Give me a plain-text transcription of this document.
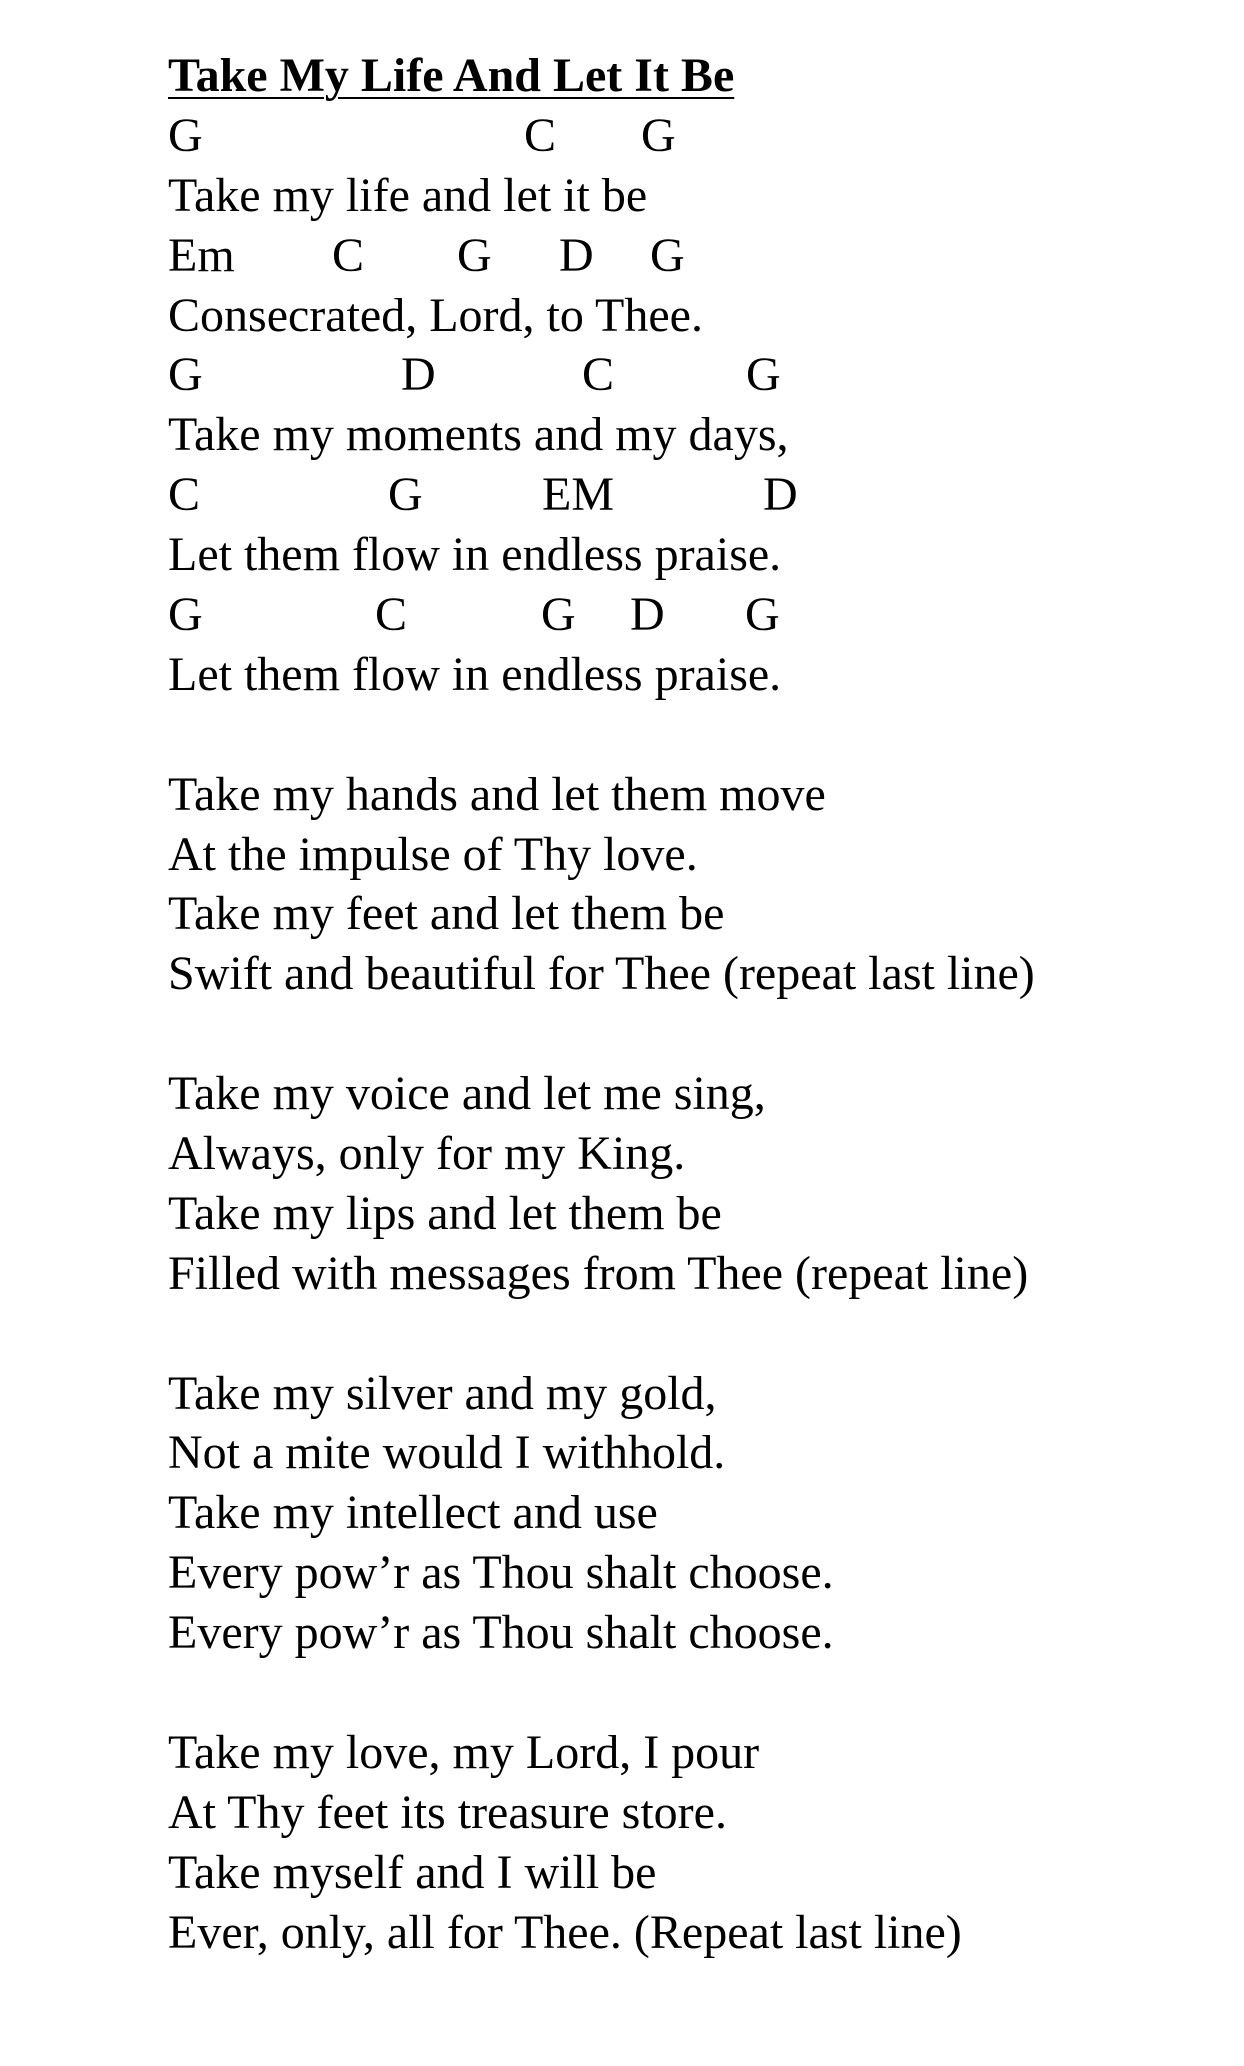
Take My Life And Let It Be
G	C G
Take my life and let it be
Em C G D G
Consecrated, Lord, to Thee.
G	D	C	G
Take my moments and my days,
C	G EM	D
Let them flow in endless praise.
G	C	G D G
Let them flow in endless praise.
Take my hands and let them move
At the impulse of Thy love.
Take my feet and let them be
Swift and beautiful for Thee (repeat last line)
Take my voice and let me sing,
Always, only for my King.
Take my lips and let them be
Filled with messages from Thee (repeat line)
Take my silver and my gold,
Not a mite would I withhold.
Take my intellect and use
Every pow’r as Thou shalt choose.
Every pow’r as Thou shalt choose.
Take my love, my Lord, I pour
At Thy feet its treasure store.
Take myself and I will be
Ever, only, all for Thee. (Repeat last line)
